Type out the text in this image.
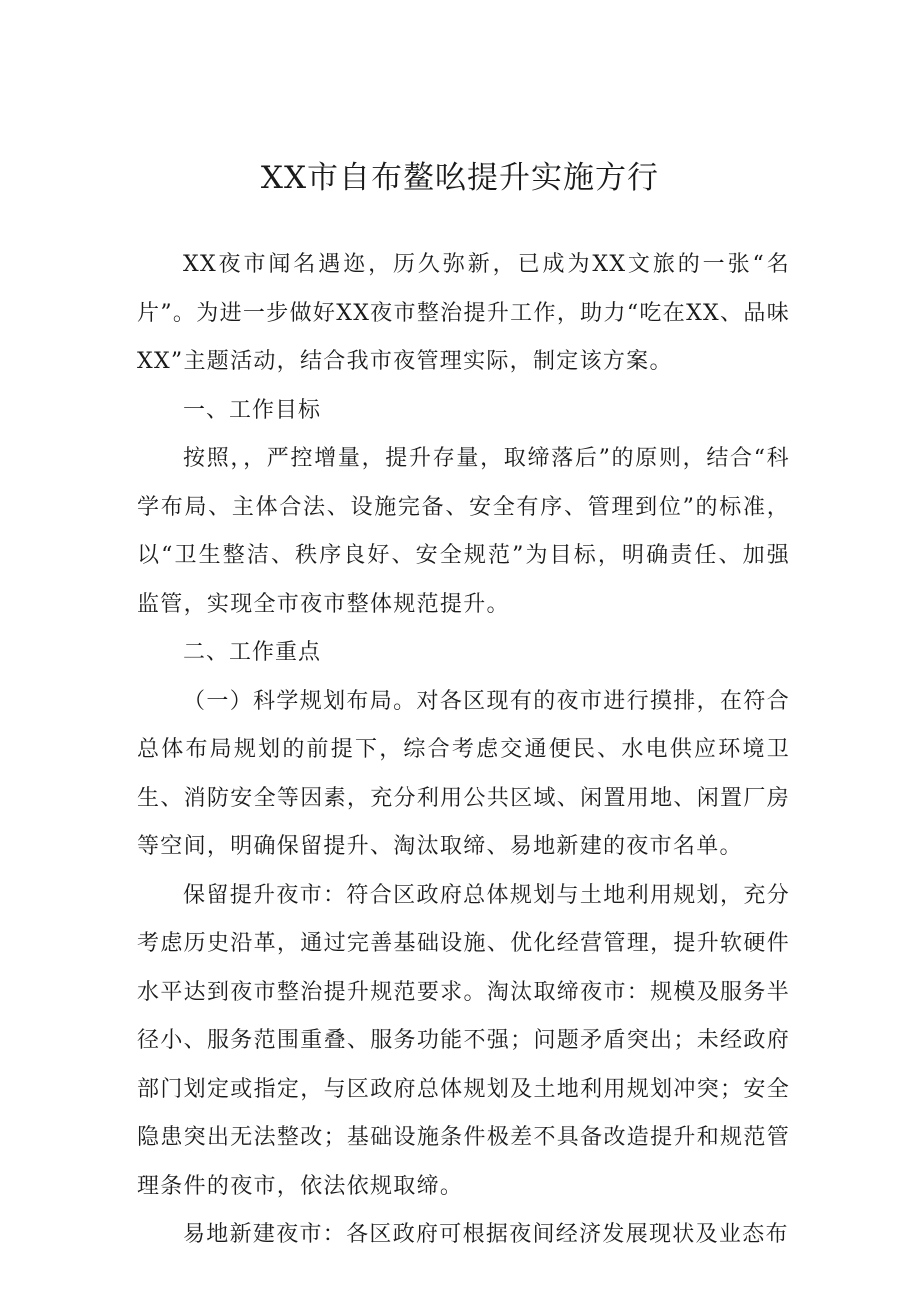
XX市自布鳌吆提升实施方行

XX夜市闻名遇迩，历久弥新，已成为XX文旅的一张“名片”。为进一步做好XX夜市整治提升工作，助力“吃在XX、品味XX”主题活动，结合我市夜管理实际，制定该方案。

一、工作目标

按照，，严控增量，提升存量，取缔落后”的原则，结合“科学布局、主体合法、设施完备、安全有序、管理到位”的标准，以“卫生整洁、秩序良好、安全规范”为目标，明确责任、加强监管，实现全市夜市整体规范提升。

二、工作重点

（一）科学规划布局。对各区现有的夜市进行摸排，在符合总体布局规划的前提下，综合考虑交通便民、水电供应环境卫生、消防安全等因素，充分利用公共区域、闲置用地、闲置厂房等空间，明确保留提升、淘汰取缔、易地新建的夜市名单。

保留提升夜市：符合区政府总体规划与土地利用规划，充分考虑历史沿革，通过完善基础设施、优化经营管理，提升软硬件水平达到夜市整治提升规范要求。淘汰取缔夜市：规模及服务半径小、服务范围重叠、服务功能不强；问题矛盾突出；未经政府部门划定或指定，与区政府总体规划及土地利用规划冲突；安全隐患突出无法整改；基础设施条件极差不具备改造提升和规范管理条件的夜市，依法依规取缔。

易地新建夜市：各区政府可根据夜间经济发展现状及业态布
